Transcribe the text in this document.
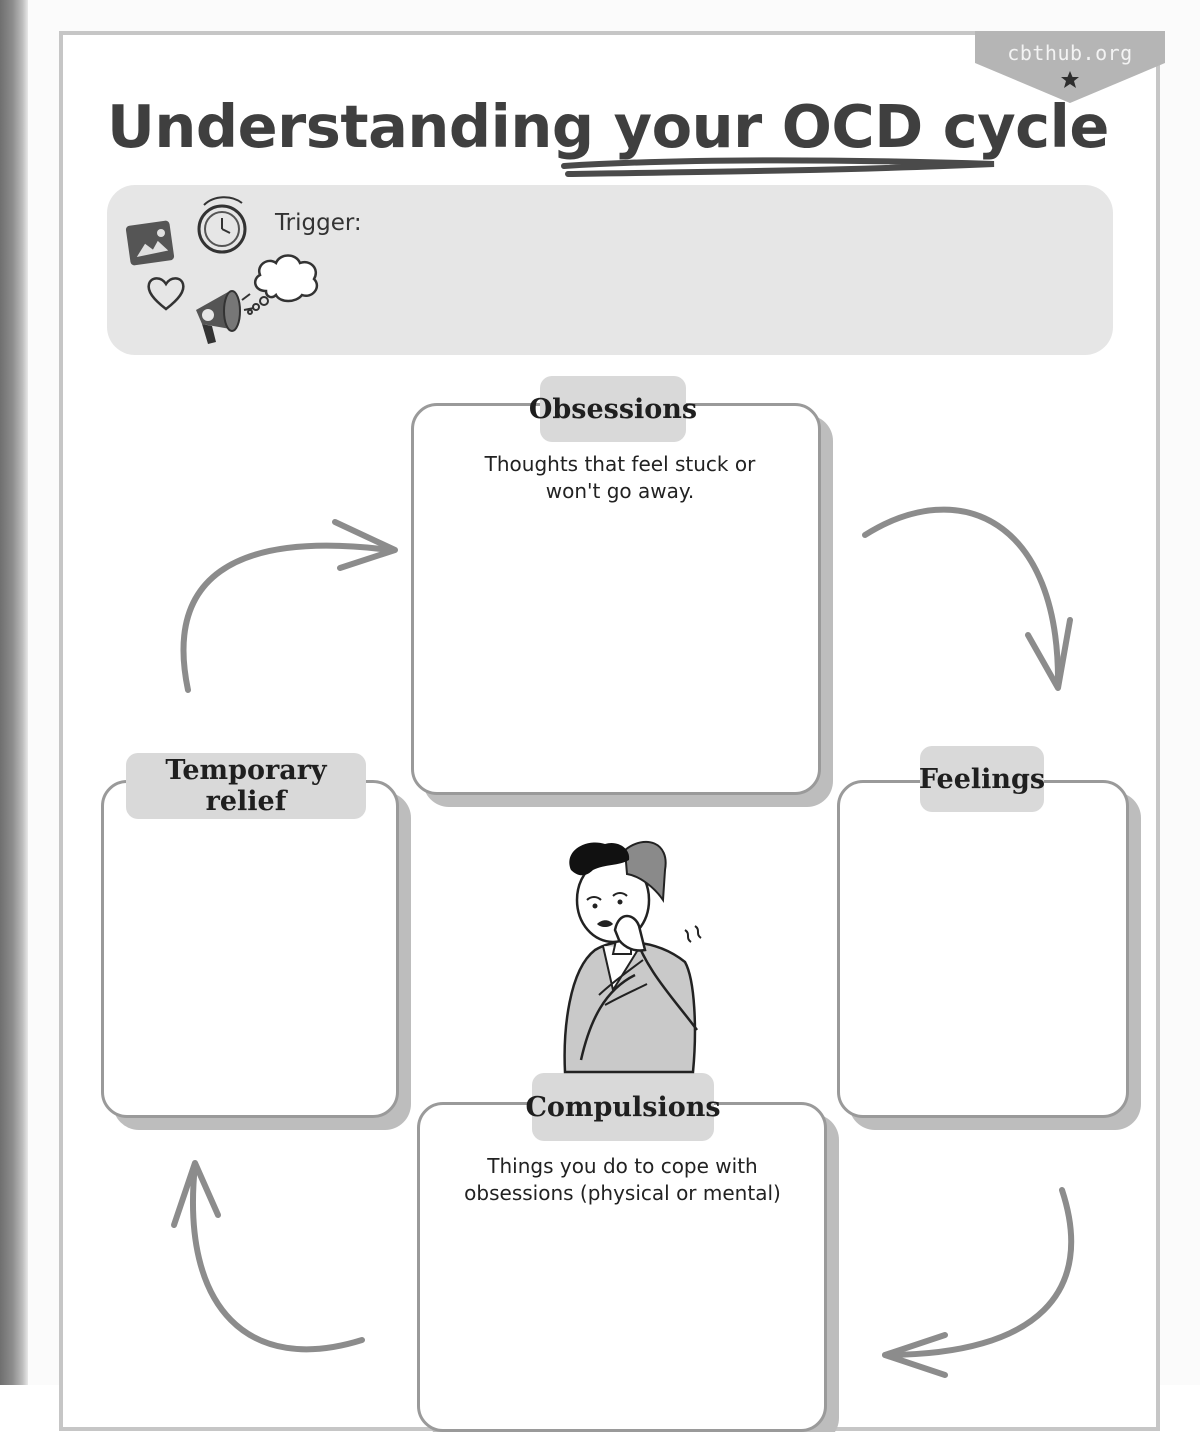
cbthub.org
Understanding your OCD cycle
Trigger:
Obsessions
Thoughts that feel stuck or won't go away.
Temporary relief
Feelings
Compulsions
Things you do to cope with obsessions (physical or mental)
